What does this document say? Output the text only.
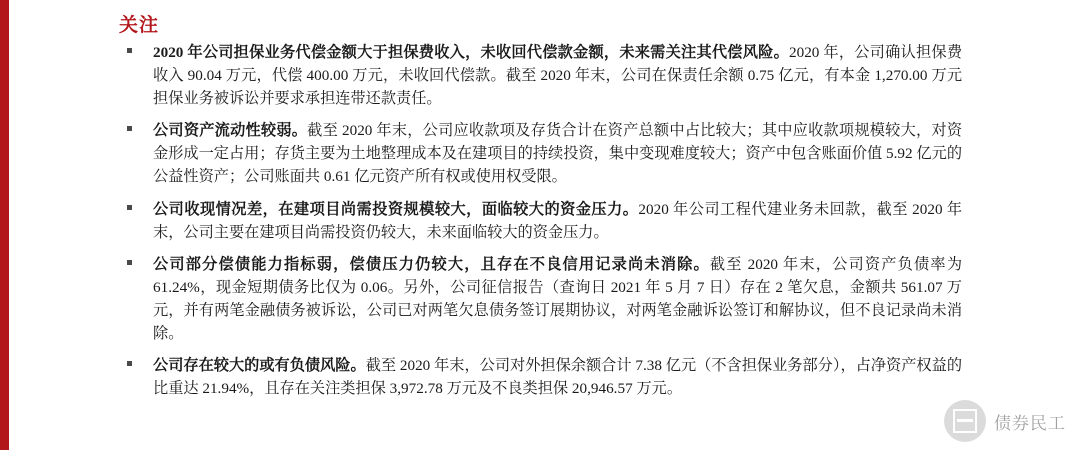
关注
2020 年公司担保业务代偿金额大于担保费收入，未收回代偿款金额，未来需关注其代偿风险。2020 年，公司确认担保费收入 90.04 万元，代偿 400.00 万元，未收回代偿款。截至 2020 年末，公司在保责任余额 0.75 亿元，有本金 1,270.00 万元担保业务被诉讼并要求承担连带还款责任。
公司资产流动性较弱。截至 2020 年末，公司应收款项及存货合计在资产总额中占比较大；其中应收款项规模较大，对资金形成一定占用；存货主要为土地整理成本及在建项目的持续投资，集中变现难度较大；资产中包含账面价值 5.92 亿元的公益性资产；公司账面共 0.61 亿元资产所有权或使用权受限。
公司收现情况差，在建项目尚需投资规模较大，面临较大的资金压力。2020 年公司工程代建业务未回款，截至 2020 年末，公司主要在建项目尚需投资仍较大，未来面临较大的资金压力。
公司部分偿债能力指标弱，偿债压力仍较大，且存在不良信用记录尚未消除。截至 2020 年末，公司资产负债率为 61.24%，现金短期债务比仅为 0.06。另外，公司征信报告（查询日 2021 年 5 月 7 日）存在 2 笔欠息，金额共 561.07 万元，并有两笔金融债务被诉讼，公司已对两笔欠息债务签订展期协议，对两笔金融诉讼签订和解协议，但不良记录尚未消除。
公司存在较大的或有负债风险。截至 2020 年末，公司对外担保余额合计 7.38 亿元（不含担保业务部分），占净资产权益的比重达 21.94%，且存在关注类担保 3,972.78 万元及不良类担保 20,946.57 万元。
债券民工
